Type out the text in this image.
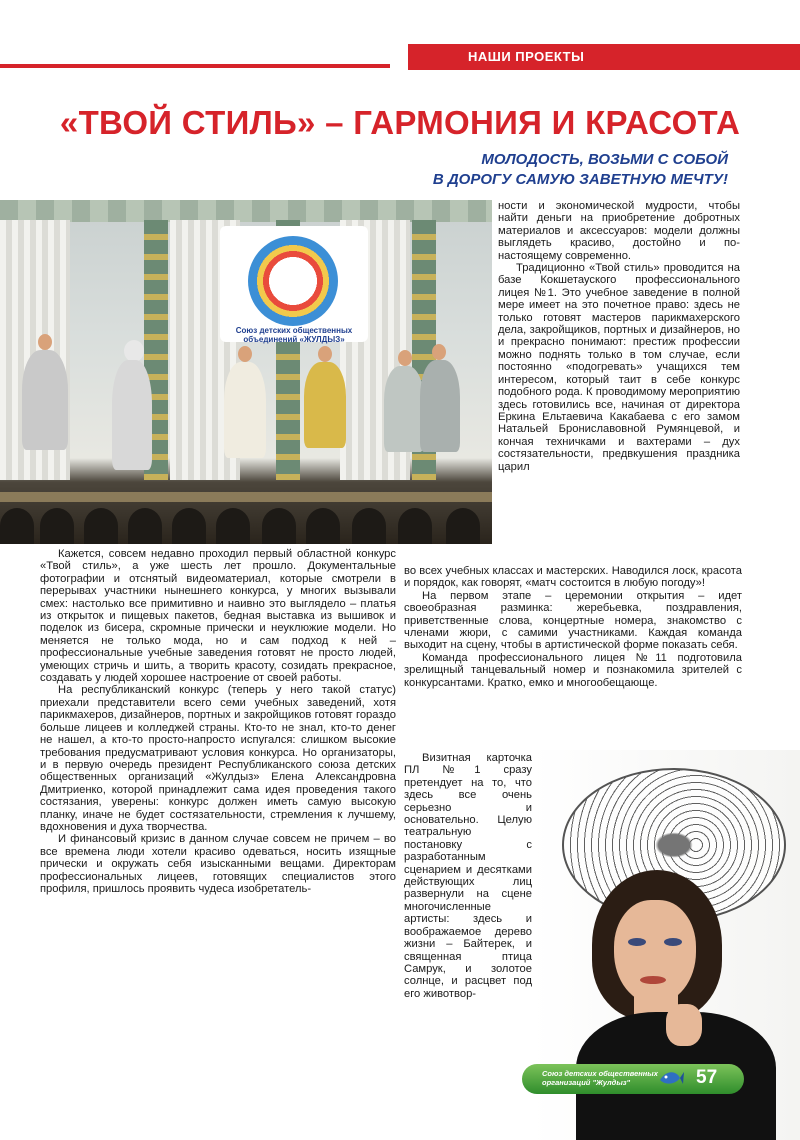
НАШИ ПРОЕКТЫ
«ТВОЙ СТИЛЬ» – ГАРМОНИЯ И КРАСОТА
МОЛОДОСТЬ, ВОЗЬМИ С СОБОЙ
В ДОРОГУ САМУЮ ЗАВЕТНУЮ МЕЧТУ!
Союз детских общественных объединений «ЖУЛДЫЗ»

ности и экономической мудрости, чтобы найти деньги на приобретение добротных материалов и аксессуаров: модели должны выглядеть красиво, достойно и по-настоящему современно.

Традиционно «Твой стиль» проводится на базе Кокшетауского профессионального лицея №1. Это учебное заведение в полной мере имеет на это почетное право: здесь не только готовят мастеров парикмахерского дела, закройщиков, портных и дизайнеров, но и прекрасно понимают: престиж профессии можно поднять только в том случае, если постоянно «подогревать» учащихся тем интересом, который таит в себе конкурс подобного рода. К проводимому мероприятию здесь готовились все, начиная от директора Еркина Ельтаевича Какабаева с его замом Натальей Брониславовной Румянцевой, и кончая техничками и вахтерами – дух состязательности, предвкушения праздника царил

Кажется, совсем недавно проходил первый областной конкурс «Твой стиль», а уже шесть лет прошло. Документальные фотографии и отснятый видеоматериал, которые смотрели в перерывах участники нынешнего конкурса, у многих вызывали смех: настолько все примитивно и наивно это выглядело – платья из открыток и пищевых пакетов, бедная выставка из вышивок и поделок из бисера, скромные прически и неуклюжие модели. Но меняется не только мода, но и сам подход к ней – профессиональные учебные заведения готовят не просто людей, умеющих стричь и шить, а творить красоту, созидать прекрасное, создавать у людей хорошее настроение от своей работы.

На республиканский конкурс (теперь у него такой статус) приехали представители всего семи учебных заведений, хотя парикмахеров, дизайнеров, портных и закройщиков готовят гораздо больше лицеев и колледжей страны. Кто-то не знал, кто-то денег не нашел, а кто-то просто-напросто испугался: слишком высокие требования предусматривают условия конкурса. Но организаторы, и в первую очередь президент Республиканского союза детских общественных организаций «Жулдыз» Елена Александровна Дмитриенко, которой принадлежит сама идея проведения такого состязания, уверены: конкурс должен иметь самую высокую планку, иначе не будет состязательности, стремления к лучшему, вдохновения и духа творчества.

И финансовый кризис в данном случае совсем не причем – во все времена люди хотели красиво одеваться, носить изящные прически и окружать себя изысканными вещами. Директорам профессиональных лицеев, готовящих специалистов этого профиля, пришлось проявить чудеса изобретатель-

во всех учебных классах и мастерских. Наводился лоск, красота и порядок, как говорят, «матч состоится в любую погоду»!

На первом этапе – церемонии открытия – идет своеобразная разминка: жеребьевка, поздравления, приветственные слова, концертные номера, знакомство с членами жюри, с самими участниками. Каждая команда выходит на сцену, чтобы в артистической форме показать себя.

Команда профессионального лицея №11 подготовила зрелищный танцевальный номер и познакомила зрителей с конкурсантами. Кратко, емко и многообещающе.

Визитная карточка ПЛ №1 сразу претендует на то, что здесь все очень серьезно и основательно. Целую театральную постановку с разработанным сценарием и десятками действующих лиц развернули на сцене многочисленные артисты: здесь и воображаемое дерево жизни – Байтерек, и священная птица Самрук, и золотое солнце, и расцвет под его животвор-

Союз детских общественных
организаций "Жулдыз"	57
